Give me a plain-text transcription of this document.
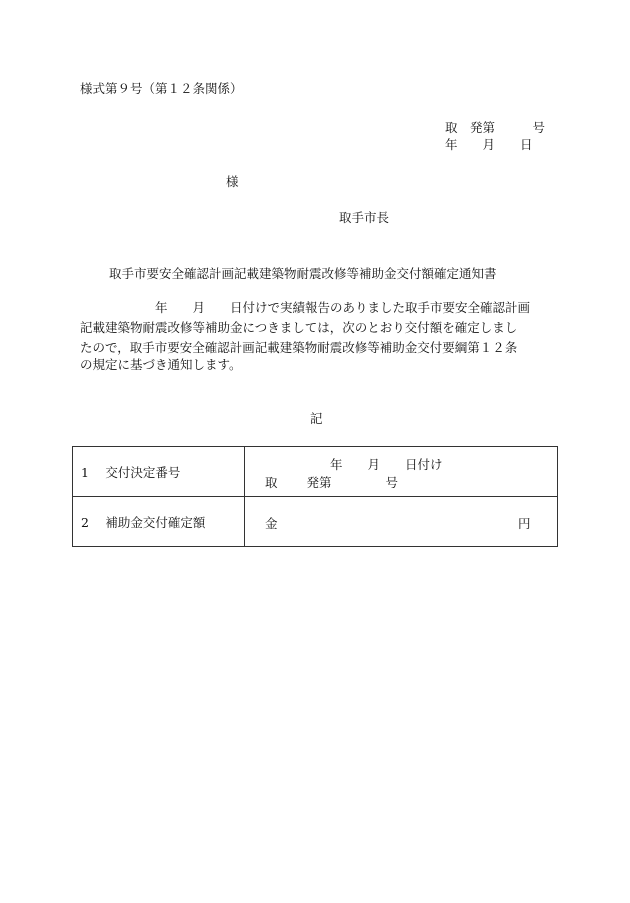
様式第９号（第１２条関係）
取　発第　　　号
年　　月　　日
様
取手市長
取手市要安全確認計画記載建築物耐震改修等補助金交付額確定通知書
　　　　　　年　　月　　日付けで実績報告のありました取手市要安全確認計画
記載建築物耐震改修等補助金につきましては，次のとおり交付額を確定しまし
たので，取手市要安全確認計画記載建築物耐震改修等補助金交付要綱第１２条
の規定に基づき通知します。
記
1　 交付決定番号	年　　月　　日付け
取　　 発第　　　　 号

2　 補助金交付確定額	金 円
